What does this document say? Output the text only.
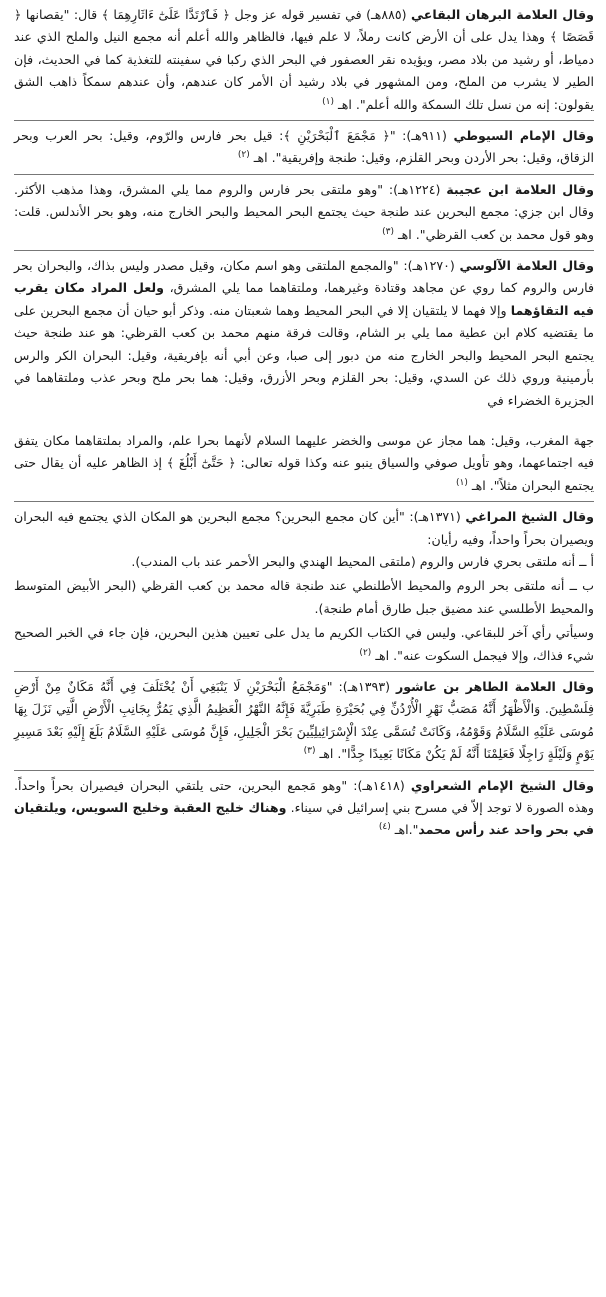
وقال العلامة البرهان البقاعي (٨٨٥هـ) في تفسير قوله عز وجل ﴿ فَٱرْتَدَّا عَلَىٰٓ ءَاثَارِهِمَا ﴾ قال: "يقصانها ﴿ قَصَصًا ﴾ وهذا يدل على أن الأرض كانت رملاً، لا علم فيها، فالظاهر والله أعلم أنه مجمع النيل والملح الذي عند دمياط، أو رشيد من بلاد مصر، ويؤيده نقر العصفور في البحر الذي ركبا في سفينته للتغذية كما في الحديث، فإن الطير لا يشرب من الملح، ومن المشهور في بلاد رشيد أن الأمر كان عندهم، وأن عندهم سمكاً ذاهب الشق يقولون: إنه من نسل تلك السمكة والله أعلم". اهـ $^{(١)}$

وقال الإمام السيوطي (٩١١هـ): "﴿ مَجْمَعَ ٱلْبَحْرَيْنِ ﴾: قيل بحر فارس والرّوم، وقيل: بحر العرب وبحر الزقاق، وقيل: بحر الأردن وبحر القلزم، وقيل: طنجة وإفريقية". اهـ $^{(٢)}$

وقال العلامة ابن عجيبة (١٢٢٤هـ): "وهو ملتقى بحر فارس والروم مما يلي المشرق، وهذا مذهب الأكثر. وقال ابن جزي: مجمع البحرين عند طنجة حيث يجتمع البحر المحيط والبحر الخارج منه، وهو بحر الأندلس. قلت: وهو قول محمد بن كعب القرظي". اهـ $^{(٣)}$

وقال العلامة الآلوسي (١٢٧٠هـ): "والمجمع الملتقى وهو اسم مكان، وقيل مصدر وليس بذاك، والبحران بحر فارس والروم كما روي عن مجاهد وقتادة وغيرهما، وملتقاهما مما يلي المشرق، ولعل المراد مكان يقرب فيه التقاؤهما وإلا فهما لا يلتقيان إلا في البحر المحيط وهما شعبتان منه. وذكر أبو حيان أن مجمع البحرين على ما يقتضيه كلام ابن عطية مما يلي بر الشام، وقالت فرقة منهم محمد بن كعب القرظي: هو عند طنجة حيث يجتمع البحر المحيط والبحر الخارج منه من دبور إلى صبا، وعن أبي أنه بإفريقية، وقيل: البحران الكر والرس بأرمينية وروي ذلك عن السدي، وقيل: بحر القلزم وبحر الأزرق، وقيل: هما بحر ملح وبحر عذب وملتقاهما في الجزيرة الخضراء في

جهة المغرب، وقيل: هما مجاز عن موسى والخضر عليهما السلام لأنهما بحرا علم، والمراد بملتقاهما مكان يتفق فيه اجتماعهما، وهو تأويل صوفي والسياق ينبو عنه وكذا قوله تعالى: ﴿ حَتَّىٰٓ أَبْلُغَ ﴾ إذ الظاهر عليه أن يقال حتى يجتمع البحران مثلاً". اهـ $^{(١)}$

وقال الشيخ المراغي (١٣٧١هـ): "أين كان مجمع البحرين؟ مجمع البحرين هو المكان الذي يجتمع فيه البحران ويصيران بحراً واحداً، وفيه رأيان:
أ ــ أنه ملتقى بحري فارس والروم (ملتقى المحيط الهندي والبحر الأحمر عند باب المندب).
ب ــ أنه ملتقى بحر الروم والمحيط الأطلنطي عند طنجة قاله محمد بن كعب القرظي (البحر الأبيض المتوسط والمحيط الأطلسي عند مضيق جبل طارق أمام طنجة).
وسيأتي رأي آخر للبقاعي. وليس في الكتاب الكريم ما يدل على تعيين هذين البحرين، فإن جاء في الخبر الصحيح شيء فذاك، وإلا فيجمل السكوت عنه". اهـ $^{(٢)}$

وقال العلامة الطاهر بن عاشور (١٣٩٣هـ): "وَمَجْمَعُ الْبَحْرَيْنِ لَا يَنْبَغِي أَنْ يُخْتَلَفَ فِي أَنَّهُ مَكَانٌ مِنْ أَرْضِ فِلَسْطِينَ. وَالْأَظْهَرُ أَنَّهُ مَصَبُّ نَهْرِ الْأُرْدُنِّ فِي بُحَيْرَةِ طَبَرِيَّةَ فَإِنَّهُ النَّهْرُ الْعَظِيمُ الَّذِي يَمُرُّ بِجَانِبِ الْأَرْضِ الَّتِي نَزَلَ بِهَا مُوسَى عَلَيْهِ السَّلَامُ وَقَوْمُهُ، وَكَانَتْ تُسَمَّى عِنْدَ الْإِسْرَائِيلِيِّينَ بَحْرَ الْجَلِيلِ، فَإِنَّ مُوسَى عَلَيْهِ السَّلَامُ بَلَغَ إِلَيْهِ بَعْدَ مَسِيرِ يَوْمٍ وَلَيْلَةٍ رَاجِلًا فَعَلِمْنَا أَنَّهُ لَمْ يَكُنْ مَكَانًا بَعِيدًا جِدًّا". اهـ $^{(٣)}$

وقال الشيخ الإمام الشعراوي (١٤١٨هـ): "وهو مَجمع البحرين، حتى يلتقي البحران فيصيران بحراً واحداً. وهذه الصورة لا توجد إلاّ في مسرح بني إسرائيل في سيناء. وهناك خليج العقبة وخليج السويس، ويلتقيان في بحر واحد عند رأس محمد".اهـ $^{(٤)}$
